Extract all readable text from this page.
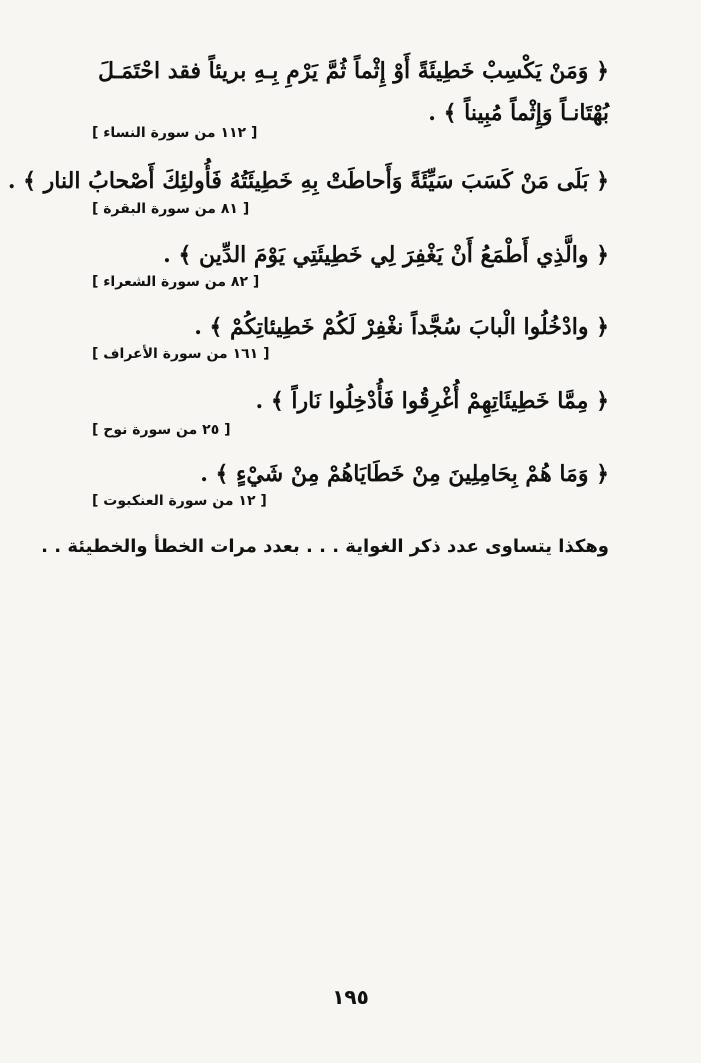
﴿ وَمَنْ يَكْسِبْ خَطِيئَةً أَوْ إِثْماً ثُمَّ يَرْمِ بِـهِ بريئاً فقد احْتَمَـلَ بُهْتَانـاً وَإِثْماً مُبِيناً ﴾ .
[ ١١٢ من سورة النساء ]
﴿ بَلَى مَنْ كَسَبَ سَيِّئَةً وَأَحاطَتْ بِهِ خَطِيئَتُهُ فَأُولئِكَ أَصْحابُ النار ﴾ .
[ ٨١ من سورة البقرة ]
﴿ والَّذِي أَطْمَعُ أَنْ يَغْفِرَ لِي خَطِيئَتِي يَوْمَ الدِّين ﴾ .
[ ٨٢ من سورة الشعراء ]
﴿ وادْخُلُوا الْبابَ سُجَّداً نغْفِرْ لَكُمْ خَطِيئاتِكُمْ ﴾ .
[ ١٦١ من سورة الأعراف ]
﴿ مِمَّا خَطِيئَاتِهِمْ أُغْرِقُوا فَأُدْخِلُوا نَاراً ﴾ .
[ ٢٥ من سورة نوح ]
﴿ وَمَا هُمْ بِحَامِلِينَ مِنْ خَطَايَاهُمْ مِنْ شَيْءٍ ﴾ .
[ ١٢ من سورة العنكبوت ]
وهكذا يتساوى عدد ذكر الغواية . . . بعدد مرات الخطأ والخطيئة . .
١٩٥
